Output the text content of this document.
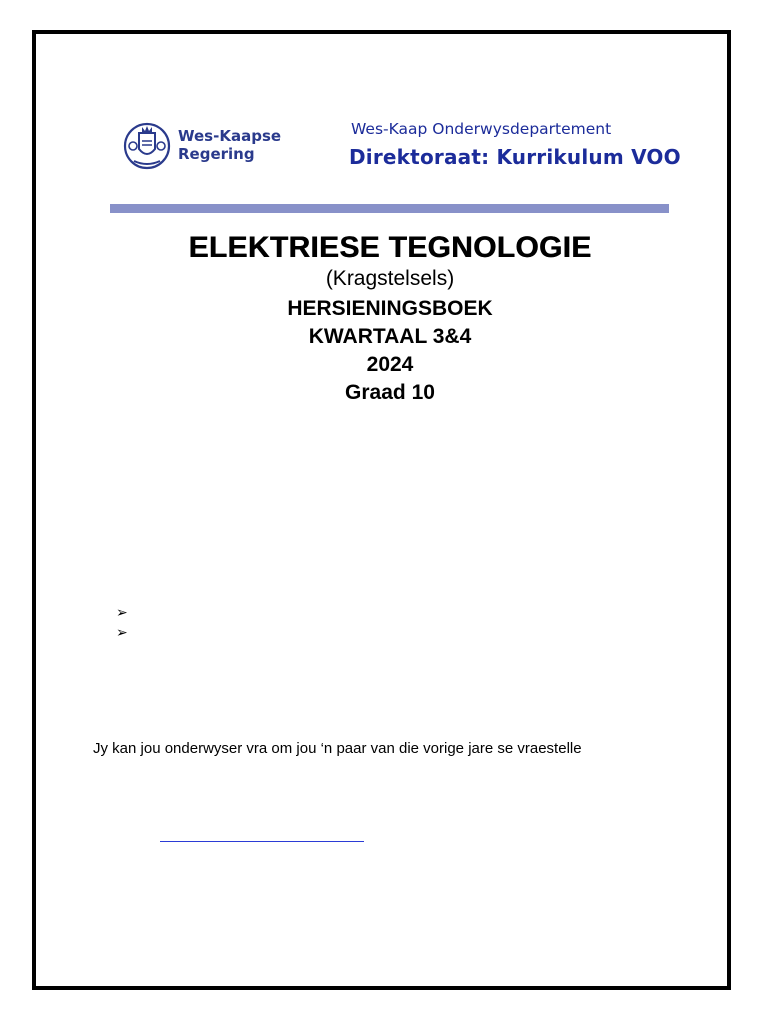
Wes-Kaapse
Regering
Wes-Kaap Onderwysdepartement
Direktoraat: Kurrikulum VOO
ELEKTRIESE TEGNOLOGIE
(Kragstelsels)
HERSIENINGSBOEK
KWARTAAL 3&4
2024
Graad 10
➢
➢
Jy kan jou onderwyser vra om jou ‘n paar van die vorige jare se vraestelle
